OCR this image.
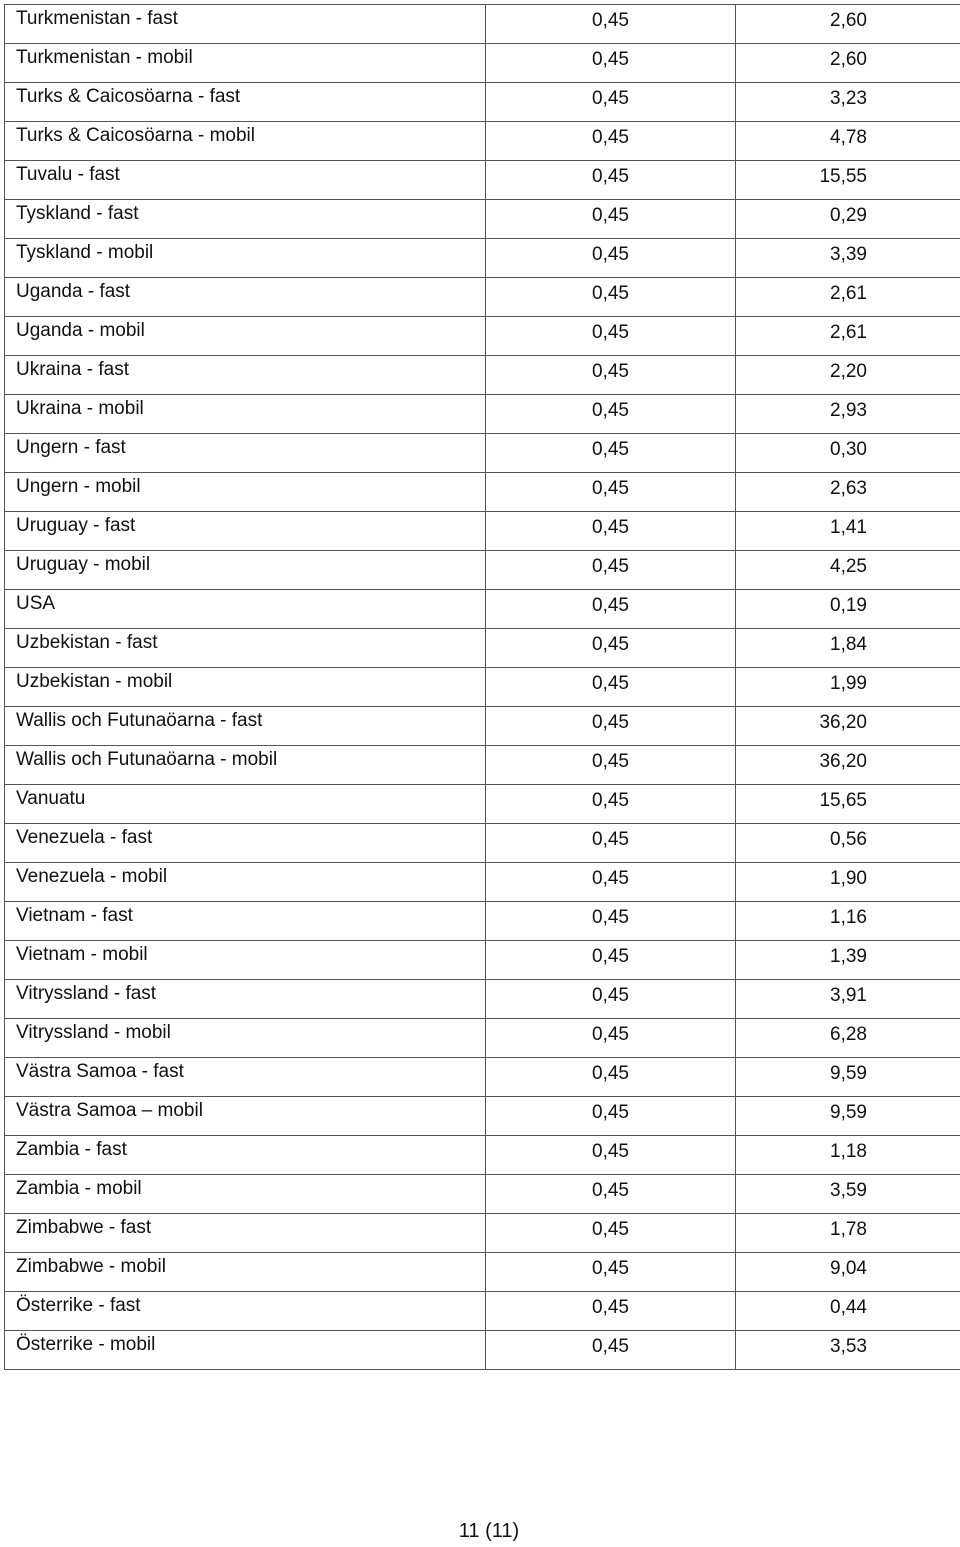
Turkmenistan - fast	0,45	2,60
Turkmenistan - mobil	0,45	2,60
Turks & Caicosöarna - fast	0,45	3,23
Turks & Caicosöarna - mobil	0,45	4,78
Tuvalu - fast	0,45	15,55
Tyskland - fast	0,45	0,29
Tyskland - mobil	0,45	3,39
Uganda - fast	0,45	2,61
Uganda - mobil	0,45	2,61
Ukraina - fast	0,45	2,20
Ukraina - mobil	0,45	2,93
Ungern - fast	0,45	0,30
Ungern - mobil	0,45	2,63
Uruguay - fast	0,45	1,41
Uruguay - mobil	0,45	4,25
USA	0,45	0,19
Uzbekistan - fast	0,45	1,84
Uzbekistan - mobil	0,45	1,99
Wallis och Futunaöarna - fast	0,45	36,20
Wallis och Futunaöarna - mobil	0,45	36,20
Vanuatu	0,45	15,65
Venezuela - fast	0,45	0,56
Venezuela - mobil	0,45	1,90
Vietnam - fast	0,45	1,16
Vietnam - mobil	0,45	1,39
Vitryssland - fast	0,45	3,91
Vitryssland - mobil	0,45	6,28
Västra Samoa - fast	0,45	9,59
Västra Samoa – mobil	0,45	9,59
Zambia - fast	0,45	1,18
Zambia - mobil	0,45	3,59
Zimbabwe - fast	0,45	1,78
Zimbabwe - mobil	0,45	9,04
Österrike - fast	0,45	0,44
Österrike - mobil	0,45	3,53
11 (11)
